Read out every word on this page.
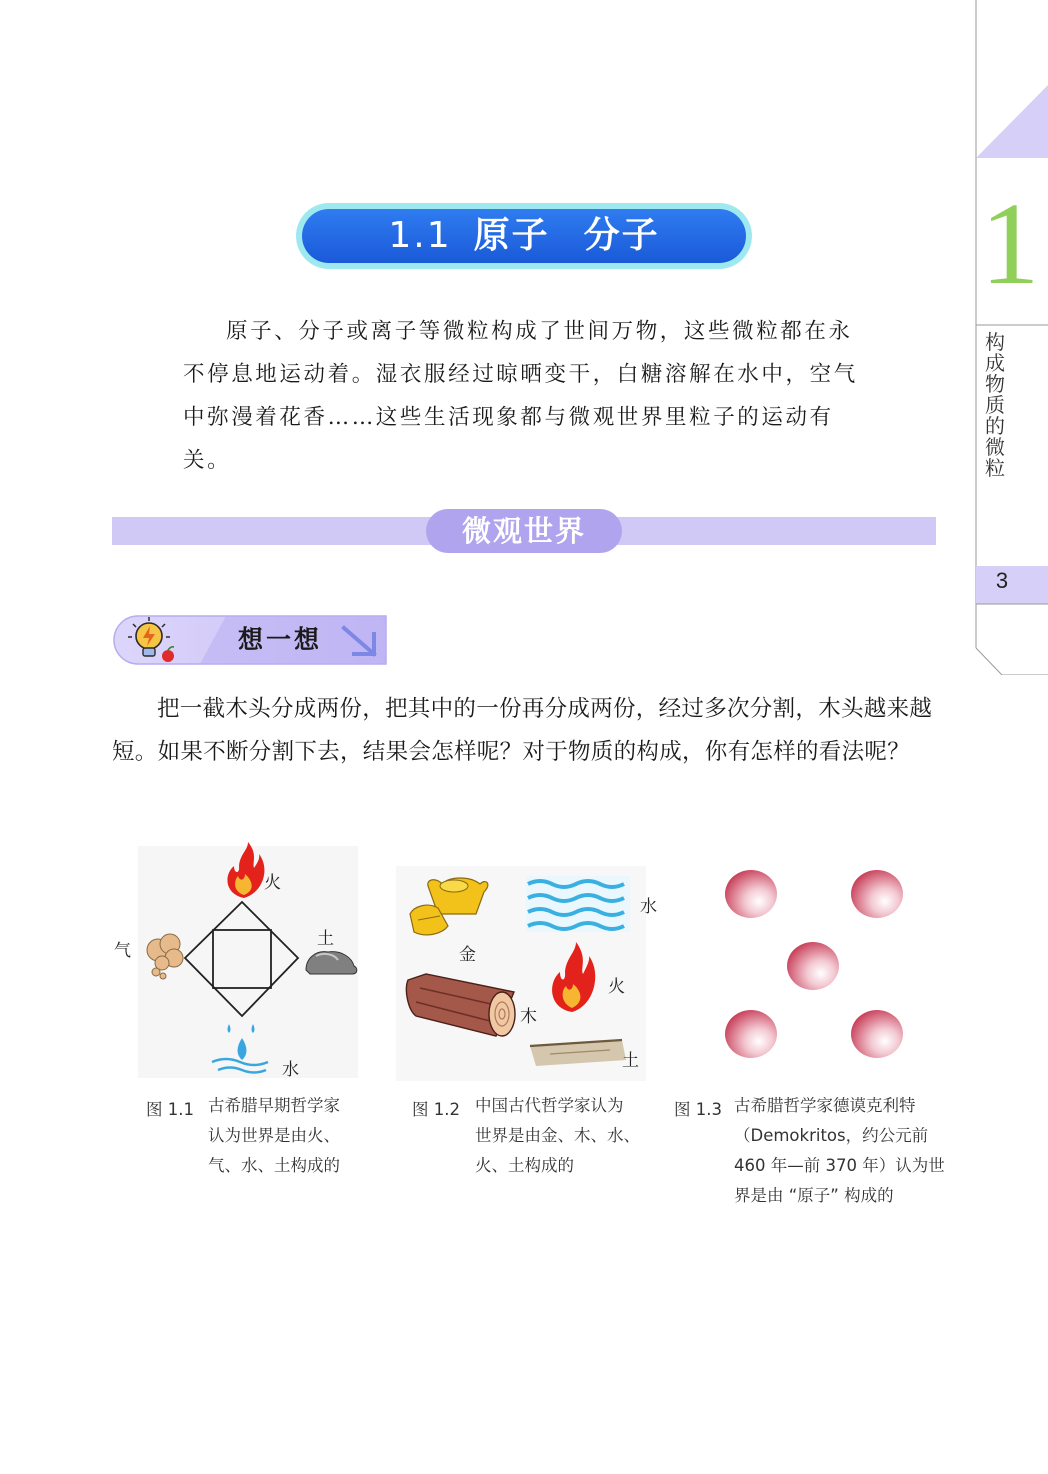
1
构成物质的微粒
3
1.1 原子 分子

原子、分子或离子等微粒构成了世间万物，这些微粒都在永不停息地运动着。湿衣服经过晾晒变干，白糖溶解在水中，空气中弥漫着花香……这些生活现象都与微观世界里粒子的运动有关。

微观世界
想一想

把一截木头分成两份，把其中的一份再分成两份，经过多次分割，木头越来越短。如果不断分割下去，结果会怎样呢？对于物质的构成，你有怎样的看法呢？

火
气
土
水
图 1.1 古希腊早期哲学家
认为世界是由火、
气、水、土构成的
金
水
火
木
土
图 1.2 中国古代哲学家认为
世界是由金、木、水、
火、土构成的
图 1.3 古希腊哲学家德谟克利特
（Demokritos，约公元前
460 年—前 370 年）认为世
界是由 “原子” 构成的
